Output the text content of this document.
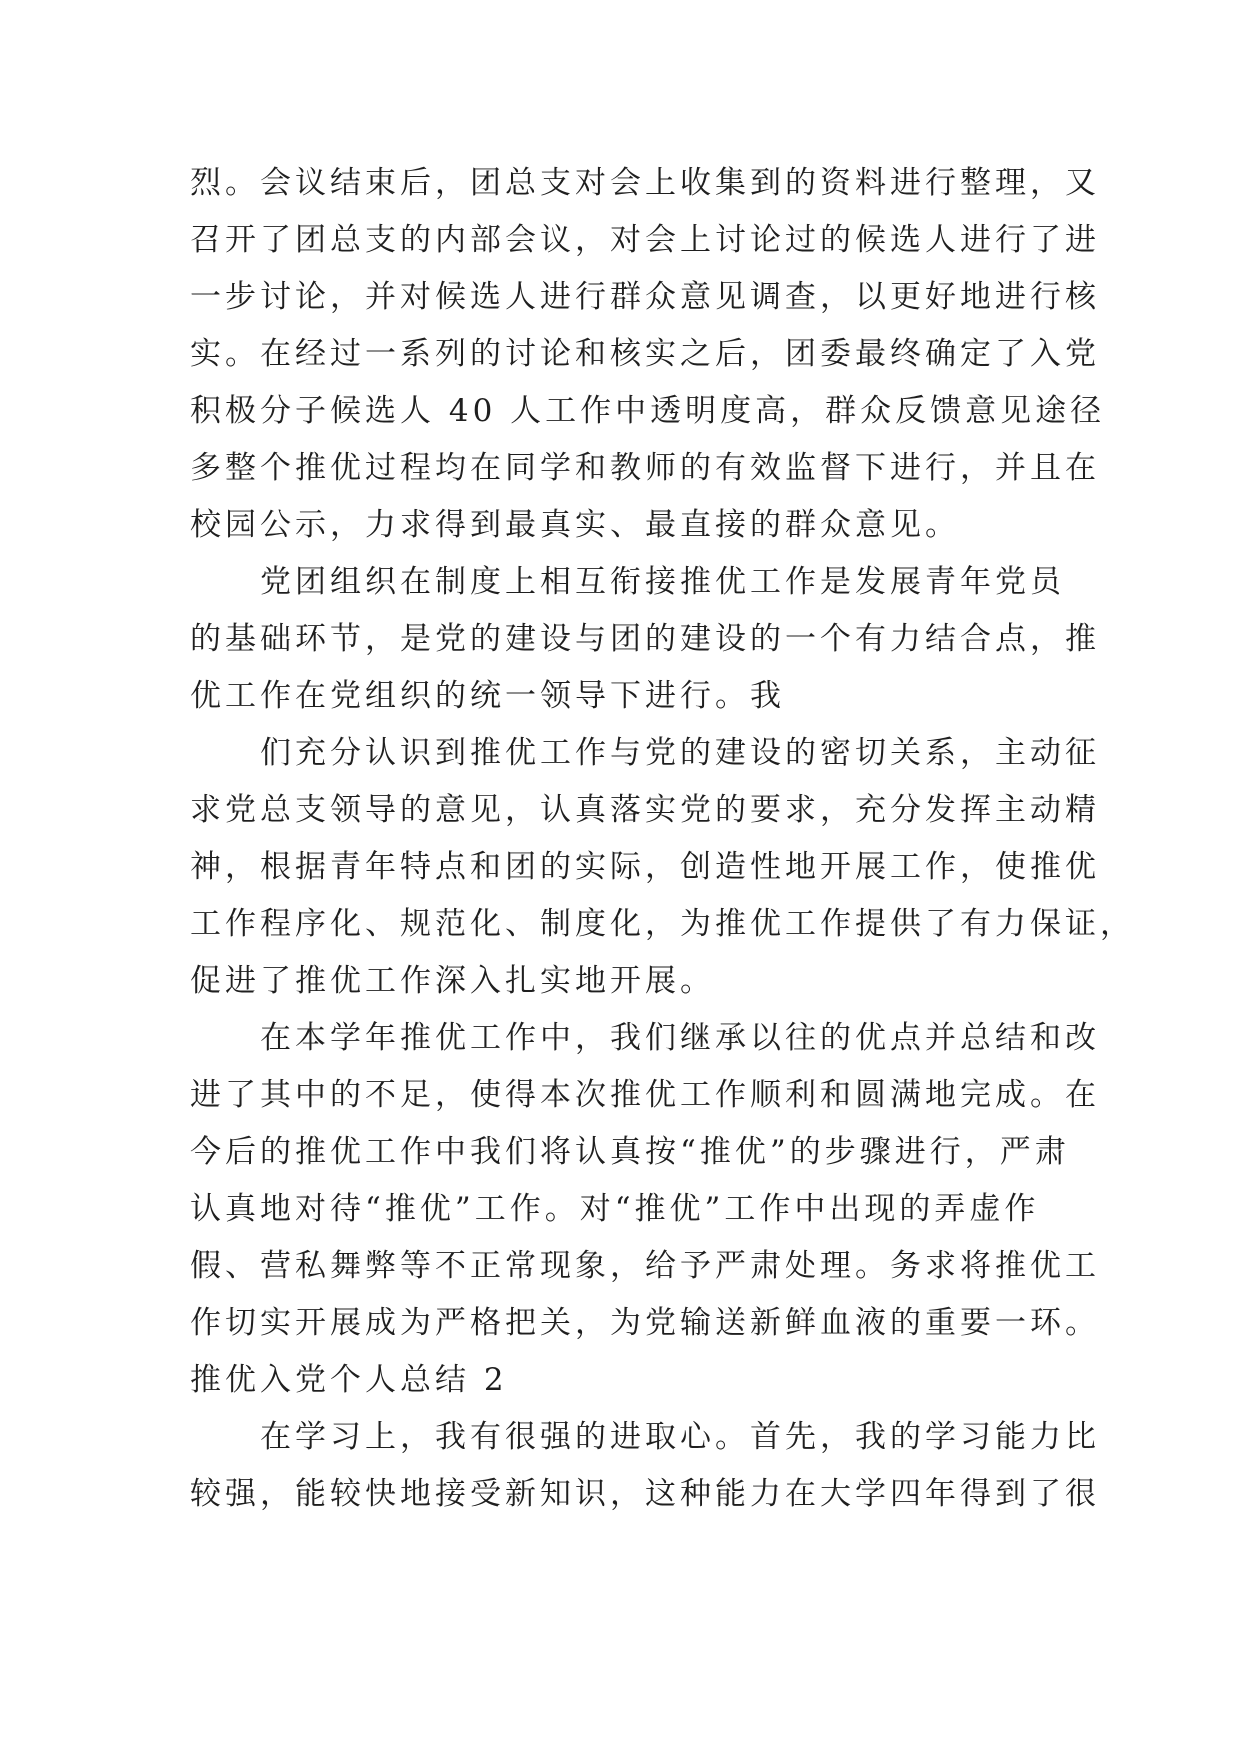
烈。会议结束后，团总支对会上收集到的资料进行整理，又
召开了团总支的内部会议，对会上讨论过的候选人进行了进
一步讨论，并对候选人进行群众意见调查，以更好地进行核
实。在经过一系列的讨论和核实之后，团委最终确定了入党
积极分子候选人 40 人工作中透明度高，群众反馈意见途径
多整个推优过程均在同学和教师的有效监督下进行，并且在
校园公示，力求得到最真实、最直接的群众意见。
党团组织在制度上相互衔接推优工作是发展青年党员
的基础环节，是党的建设与团的建设的一个有力结合点，推
优工作在党组织的统一领导下进行。我
们充分认识到推优工作与党的建设的密切关系，主动征
求党总支领导的意见，认真落实党的要求，充分发挥主动精
神，根据青年特点和团的实际，创造性地开展工作，使推优
工作程序化、规范化、制度化，为推优工作提供了有力保证，
促进了推优工作深入扎实地开展。
在本学年推优工作中，我们继承以往的优点并总结和改
进了其中的不足，使得本次推优工作顺利和圆满地完成。在
今后的推优工作中我们将认真按“推优”的步骤进行，严肃
认真地对待“推优”工作。对“推优”工作中出现的弄虚作
假、营私舞弊等不正常现象，给予严肃处理。务求将推优工
作切实开展成为严格把关，为党输送新鲜血液的重要一环。
推优入党个人总结 2
在学习上，我有很强的进取心。首先，我的学习能力比
较强，能较快地接受新知识，这种能力在大学四年得到了很
